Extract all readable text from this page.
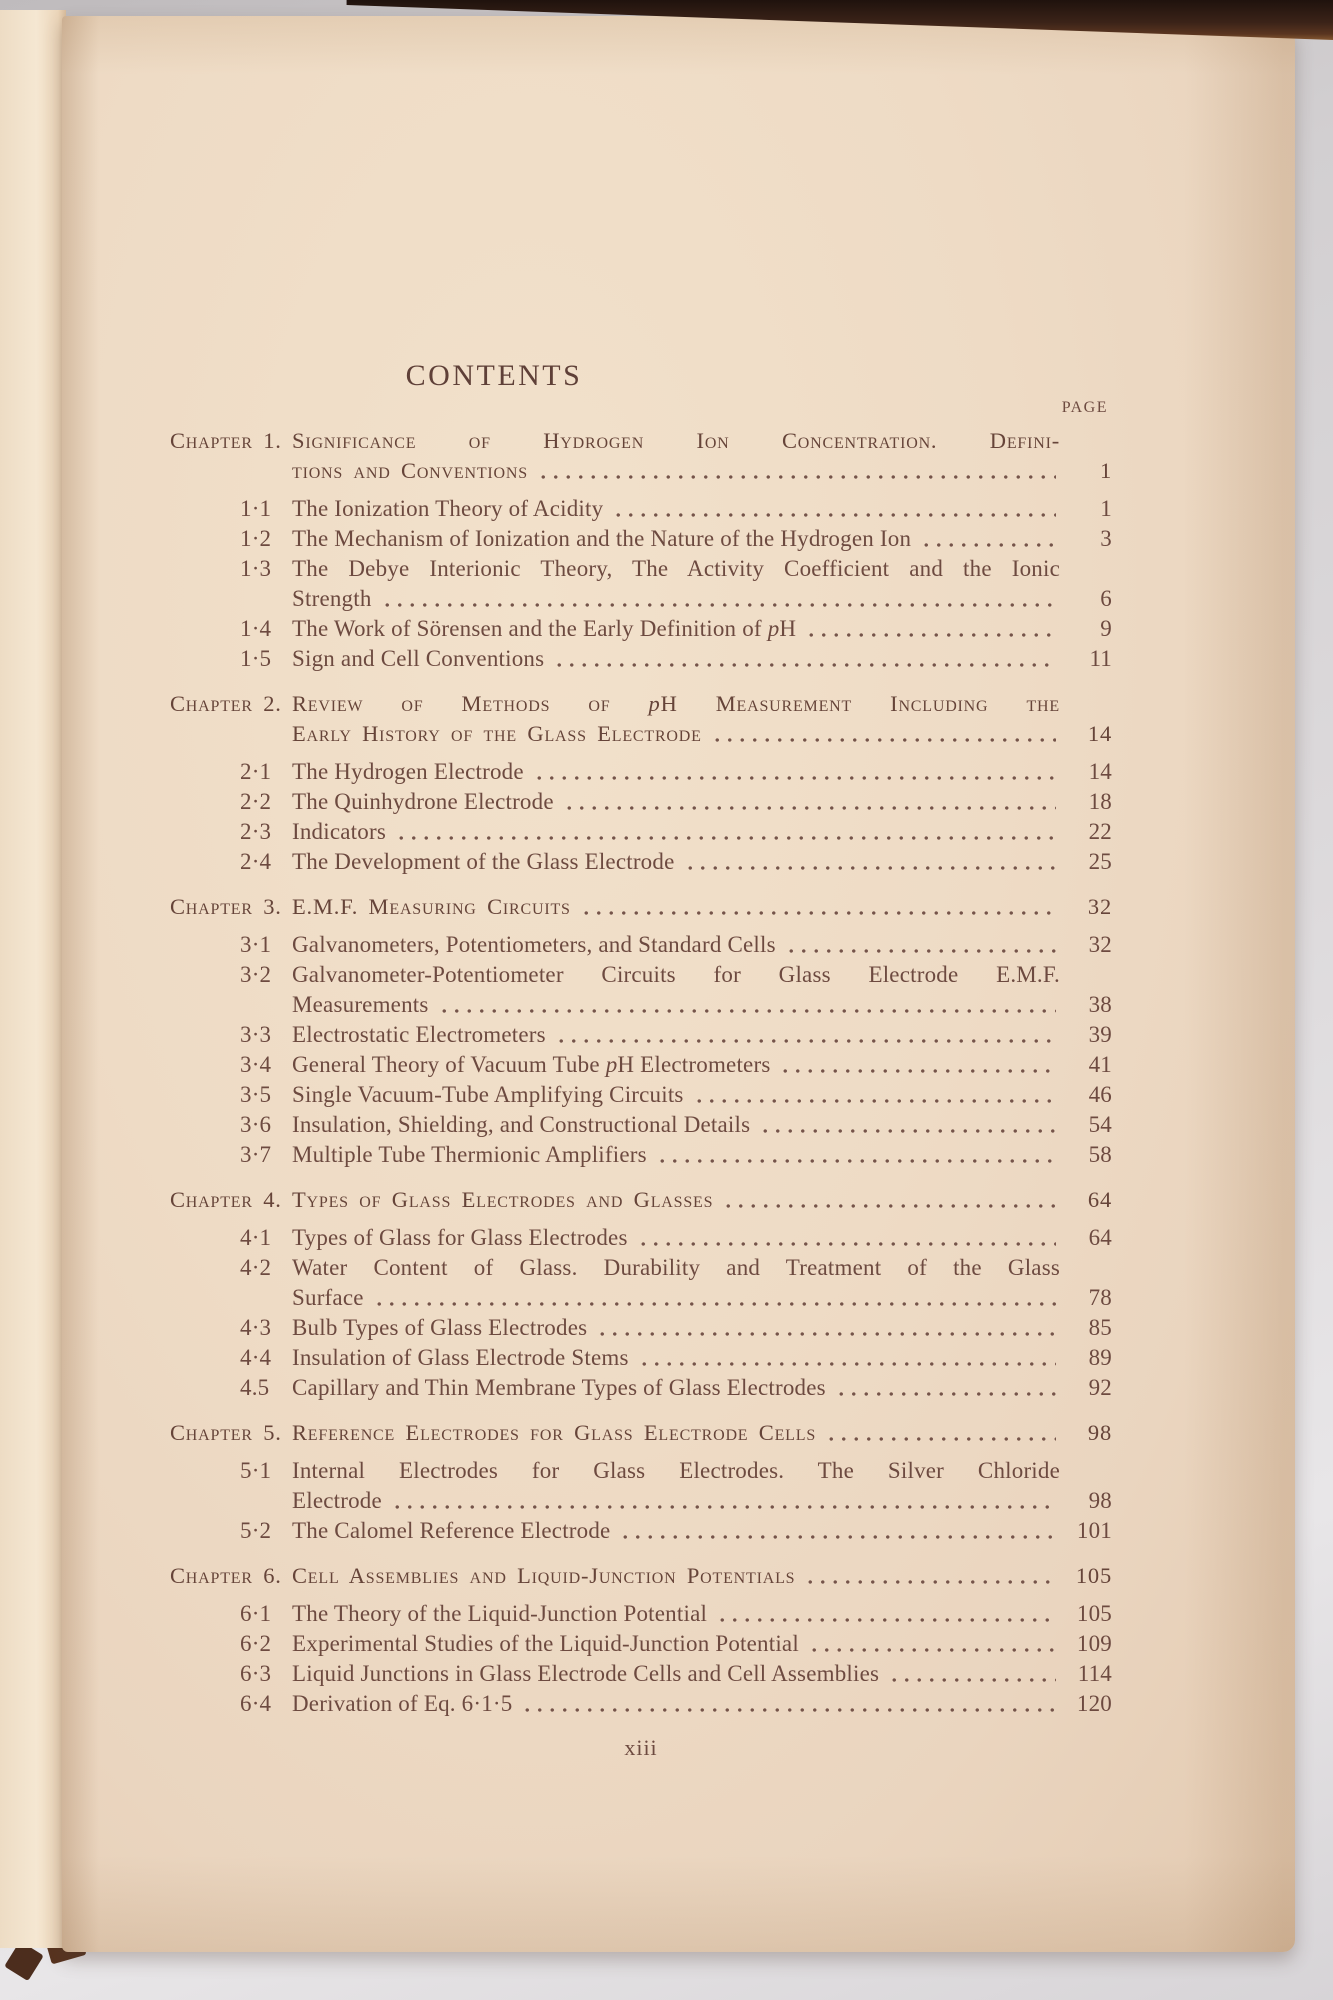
CONTENTS
PAGE
Chapter 1. Significance of Hydrogen Ion Concentration. Defini-
tions and Conventions	1
1·1 The Ionization Theory of Acidity	1
1·2 The Mechanism of Ionization and the Nature of the Hydrogen Ion	3
1·3 The Debye Interionic Theory, The Activity Coefficient and the Ionic
Strength	6
1·4 The Work of Sörensen and the Early Definition of pH	9
1·5 Sign and Cell Conventions	11
Chapter 2. Review of Methods of pH Measurement Including the
Early History of the Glass Electrode	14
2·1 The Hydrogen Electrode	14
2·2 The Quinhydrone Electrode	18
2·3 Indicators	22
2·4 The Development of the Glass Electrode	25
Chapter 3. E.M.F. Measuring Circuits	32
3·1 Galvanometers, Potentiometers, and Standard Cells	32
3·2 Galvanometer-Potentiometer Circuits for Glass Electrode E.M.F.
Measurements	38
3·3 Electrostatic Electrometers	39
3·4 General Theory of Vacuum Tube pH Electrometers	41
3·5 Single Vacuum-Tube Amplifying Circuits	46
3·6 Insulation, Shielding, and Constructional Details	54
3·7 Multiple Tube Thermionic Amplifiers	58
Chapter 4. Types of Glass Electrodes and Glasses	64
4·1 Types of Glass for Glass Electrodes	64
4·2 Water Content of Glass. Durability and Treatment of the Glass
Surface	78
4·3 Bulb Types of Glass Electrodes	85
4·4 Insulation of Glass Electrode Stems	89
4.5 Capillary and Thin Membrane Types of Glass Electrodes	92
Chapter 5. Reference Electrodes for Glass Electrode Cells	98
5·1 Internal Electrodes for Glass Electrodes. The Silver Chloride
Electrode	98
5·2 The Calomel Reference Electrode	101
Chapter 6. Cell Assemblies and Liquid-Junction Potentials	105
6·1 The Theory of the Liquid-Junction Potential	105
6·2 Experimental Studies of the Liquid-Junction Potential	109
6·3 Liquid Junctions in Glass Electrode Cells and Cell Assemblies	114
6·4 Derivation of Eq. 6·1·5	120
xiii
